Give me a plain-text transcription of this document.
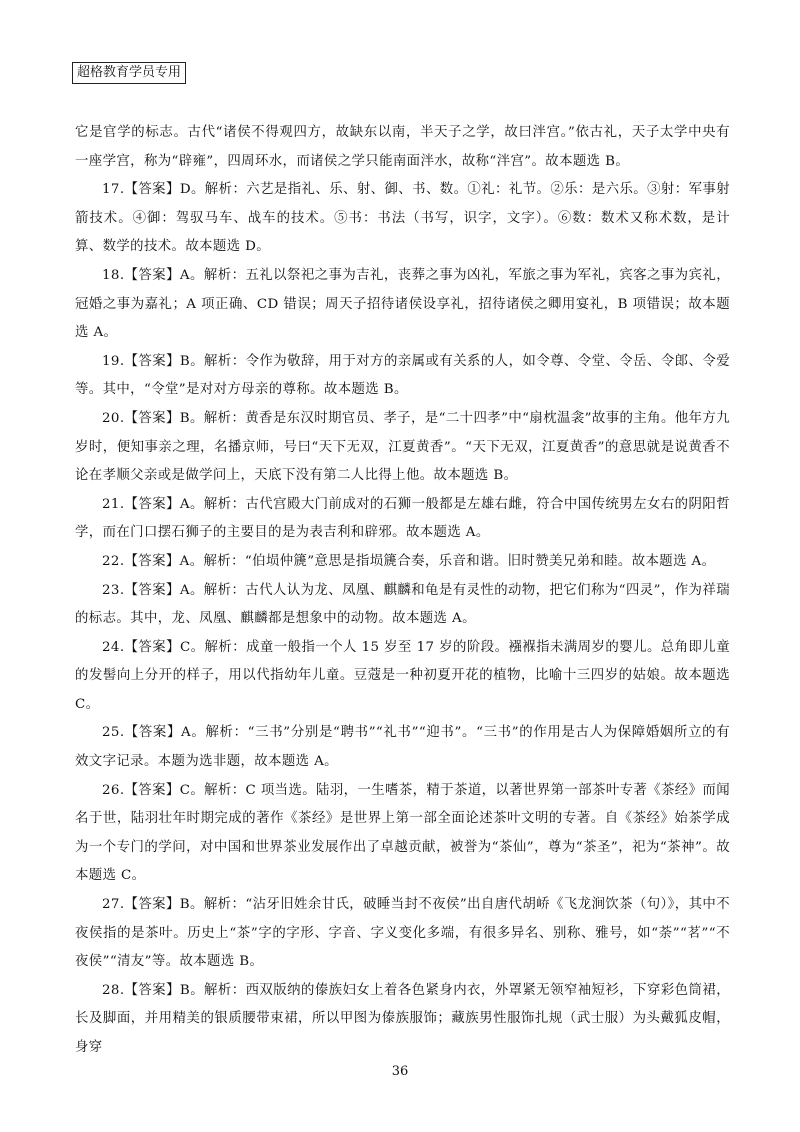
超格教育学员专用

它是官学的标志。古代“诸侯不得观四方，故缺东以南，半天子之学，故曰泮宫。”依古礼，天子太学中央有一座学宫，称为“辟雍”，四周环水，而诸侯之学只能南面泮水，故称“泮宫”。故本题选 B。

17.【答案】D。解析：六艺是指礼、乐、射、御、书、数。①礼：礼节。②乐：是六乐。③射：军事射箭技术。④御：驾驭马车、战车的技术。⑤书：书法（书写，识字，文字）。⑥数：数术又称术数，是计算、数学的技术。故本题选 D。

18.【答案】A。解析：五礼以祭祀之事为吉礼，丧葬之事为凶礼，军旅之事为军礼，宾客之事为宾礼，冠婚之事为嘉礼；A 项正确、CD 错误；周天子招待诸侯设享礼，招待诸侯之卿用宴礼，B 项错误；故本题选 A。

19.【答案】B。解析：令作为敬辞，用于对方的亲属或有关系的人，如令尊、令堂、令岳、令郎、令爱等。其中，“令堂”是对对方母亲的尊称。故本题选 B。

20.【答案】B。解析：黄香是东汉时期官员、孝子，是“二十四孝”中“扇枕温衾”故事的主角。他年方九岁时，便知事亲之理，名播京师，号曰“天下无双，江夏黄香”。“天下无双，江夏黄香”的意思就是说黄香不论在孝顺父亲或是做学问上，天底下没有第二人比得上他。故本题选 B。

21.【答案】A。解析：古代宫殿大门前成对的石狮一般都是左雄右雌，符合中国传统男左女右的阴阳哲学，而在门口摆石狮子的主要目的是为表吉利和辟邪。故本题选 A。

22.【答案】A。解析：“伯埙仲篪”意思是指埙篪合奏，乐音和谐。旧时赞美兄弟和睦。故本题选 A。

23.【答案】A。解析：古代人认为龙、凤凰、麒麟和龟是有灵性的动物，把它们称为“四灵”，作为祥瑞的标志。其中，龙、凤凰、麒麟都是想象中的动物。故本题选 A。

24.【答案】C。解析：成童一般指一个人 15 岁至 17 岁的阶段。襁褓指未满周岁的婴儿。总角即儿童的发髻向上分开的样子，用以代指幼年儿童。豆蔻是一种初夏开花的植物，比喻十三四岁的姑娘。故本题选 C。

25.【答案】A。解析：“三书”分别是“聘书”“礼书”“迎书”。“三书”的作用是古人为保障婚姻所立的有效文字记录。本题为选非题，故本题选 A。

26.【答案】C。解析：C 项当选。陆羽，一生嗜茶，精于茶道，以著世界第一部茶叶专著《茶经》而闻名于世，陆羽壮年时期完成的著作《茶经》是世界上第一部全面论述茶叶文明的专著。自《茶经》始茶学成为一个专门的学问，对中国和世界茶业发展作出了卓越贡献，被誉为“茶仙”，尊为“茶圣”，祀为“茶神”。故本题选 C。

27.【答案】B。解析：“沾牙旧姓余甘氏，破睡当封不夜侯”出自唐代胡峤《飞龙涧饮茶（句）》，其中不夜侯指的是茶叶。历史上“茶”字的字形、字音、字义变化多端，有很多异名、别称、雅号，如“荼”“茗”“不夜侯”“清友”等。故本题选 B。

28.【答案】B。解析：西双版纳的傣族妇女上着各色紧身内衣，外罩紧无领窄袖短衫，下穿彩色筒裙，长及脚面，并用精美的银质腰带束裙，所以甲图为傣族服饰；藏族男性服饰扎规（武士服）为头戴狐皮帽，身穿

36
